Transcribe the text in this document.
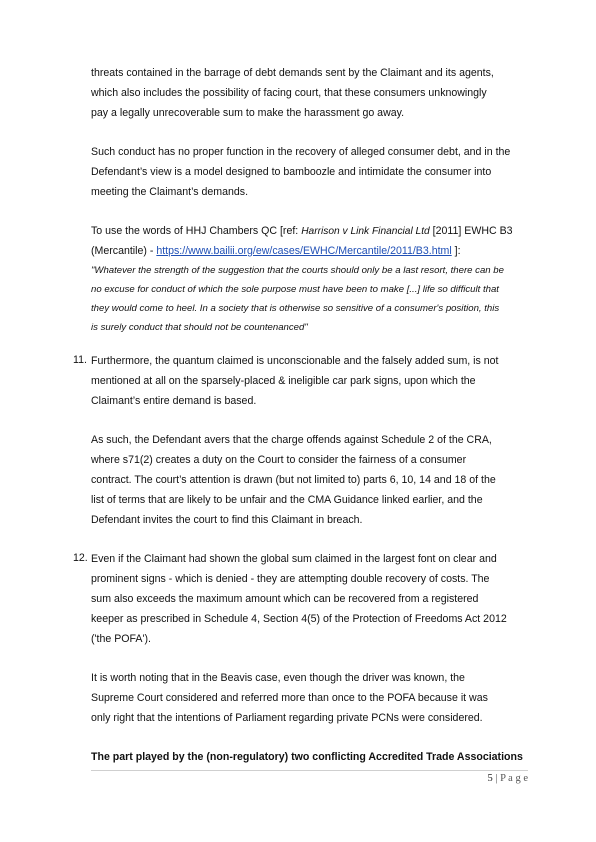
threats contained in the barrage of debt demands sent by the Claimant and its agents,
which also includes the possibility of facing court, that these consumers unknowingly
pay a legally unrecoverable sum to make the harassment go away.
Such conduct has no proper function in the recovery of alleged consumer debt, and in the
Defendant’s view is a model designed to bamboozle and intimidate the consumer into
meeting the Claimant’s demands.
To use the words of HHJ Chambers QC [ref: Harrison v Link Financial Ltd [2011] EWHC B3
(Mercantile) - https://www.bailii.org/ew/cases/EWHC/Mercantile/2011/B3.html ]:
"Whatever the strength of the suggestion that the courts should only be a last resort, there can be
no excuse for conduct of which the sole purpose must have been to make [...] life so difficult that
they would come to heel. In a society that is otherwise so sensitive of a consumer's position, this
is surely conduct that should not be countenanced"
11. Furthermore, the quantum claimed is unconscionable and the falsely added sum, is not
mentioned at all on the sparsely-placed & ineligible car park signs, upon which the
Claimant’s entire demand is based.
As such, the Defendant avers that the charge offends against Schedule 2 of the CRA,
where s71(2) creates a duty on the Court to consider the fairness of a consumer
contract. The court’s attention is drawn (but not limited to) parts 6, 10, 14 and 18 of the
list of terms that are likely to be unfair and the CMA Guidance linked earlier, and the
Defendant invites the court to find this Claimant in breach.
12. Even if the Claimant had shown the global sum claimed in the largest font on clear and
prominent signs - which is denied - they are attempting double recovery of costs. The
sum also exceeds the maximum amount which can be recovered from a registered
keeper as prescribed in Schedule 4, Section 4(5) of the Protection of Freedoms Act 2012
('the POFA').
It is worth noting that in the Beavis case, even though the driver was known, the
Supreme Court considered and referred more than once to the POFA because it was
only right that the intentions of Parliament regarding private PCNs were considered.
The part played by the (non-regulatory) two conflicting Accredited Trade Associations
5 | P a g e
